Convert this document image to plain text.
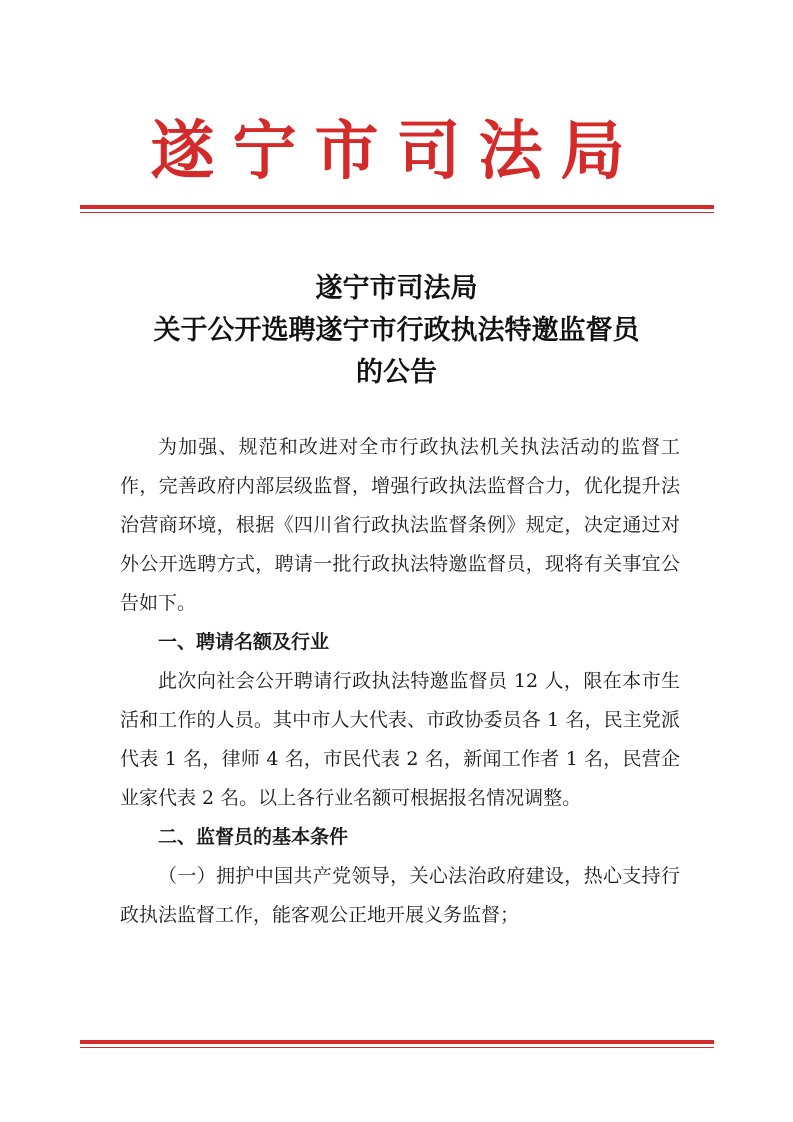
遂宁市司法局
遂宁市司法局
关于公开选聘遂宁市行政执法特邀监督员
的公告

为加强、规范和改进对全市行政执法机关执法活动的监督工作，完善政府内部层级监督，增强行政执法监督合力，优化提升法治营商环境，根据《四川省行政执法监督条例》规定，决定通过对外公开选聘方式，聘请一批行政执法特邀监督员，现将有关事宜公告如下。

一、聘请名额及行业

此次向社会公开聘请行政执法特邀监督员 12 人，限在本市生活和工作的人员。其中市人大代表、市政协委员各 1 名，民主党派代表 1 名，律师 4 名，市民代表 2 名，新闻工作者 1 名，民营企业家代表 2 名。以上各行业名额可根据报名情况调整。

二、监督员的基本条件

（一）拥护中国共产党领导，关心法治政府建设，热心支持行政执法监督工作，能客观公正地开展义务监督；
